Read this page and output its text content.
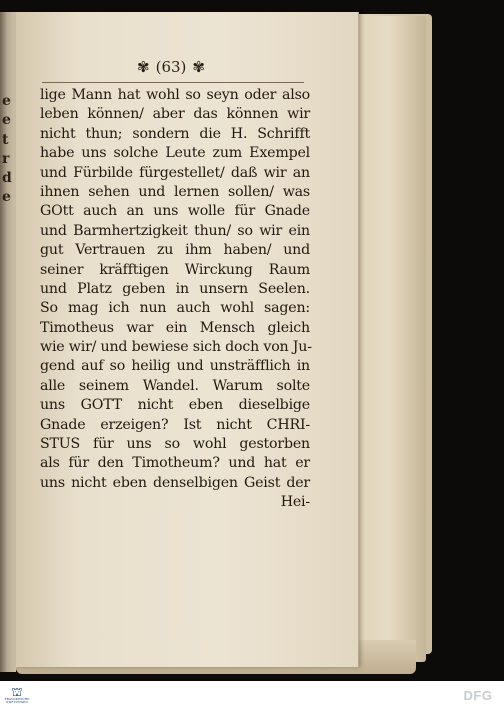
e
e
t
r
d
e
✾ (63) ✾
lige Mann hat wohl so seyn oder also
leben können/ aber das können wir
nicht thun; sondern die H. Schrifft
habe uns solche Leute zum Exempel
und Fürbilde fürgestellet/ daß wir an
ihnen sehen und lernen sollen/ was
GOtt auch an uns wolle für Gnade
und Barmhertzigkeit thun/ so wir ein
gut Vertrauen zu ihm haben/ und
seiner kräfftigen Wirckung Raum
und Platz geben in unsern Seelen.
So mag ich nun auch wohl sagen:
Timotheus war ein Mensch gleich
wie wir/ und bewiese sich doch von Ju-
gend auf so heilig und unsträfflich in
alle seinem Wandel. Warum solte
uns GOTT nicht eben dieselbige
Gnade erzeigen? Ist nicht CHRI-
STUS für uns so wohl gestorben
als für den Timotheum? und hat er
uns nicht eben denselbigen Geist der
Hei-
⛫
FRANCKESCHE STIFTUNGEN	DFG
